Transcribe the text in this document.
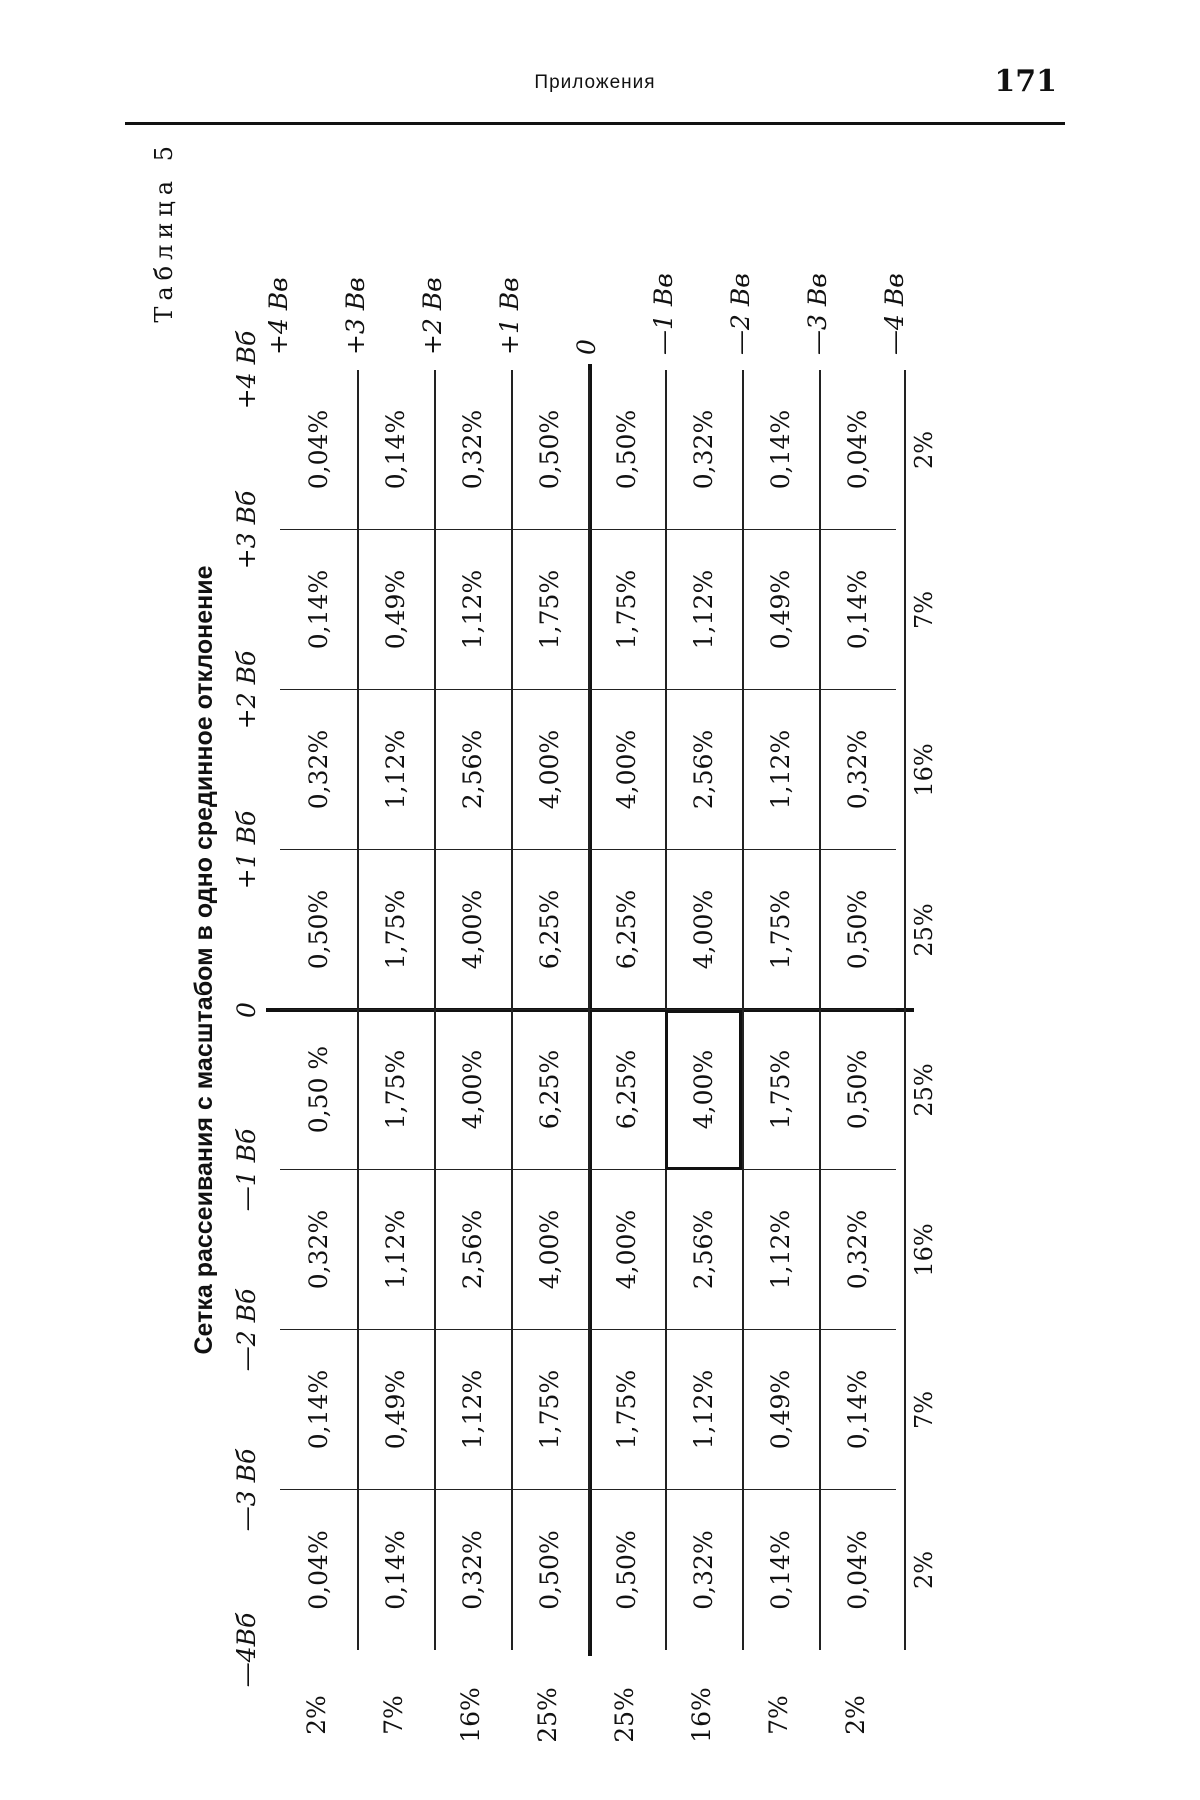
Приложения	171
Таблица 5
Сетка рассеивания с масштабом в одно срединное отклонение
—4Вб
—3 Вб
—2 Вб
—1 Вб
0
+1 Вб
+2 Вб
+3 Вб
+4 Вб
2% 7% 16% 25% 25% 16% 7% 2%
0,04%
0,14%
0,32%
0,50 %
0,50%
0,32%
0,14%
0,04%
0,14%
0,49%
1,12%
1,75%
1,75%
1,12%
0,49%
0,14%
0,32%
1,12%
2,56%
4,00%
4,00%
2,56%
1,12%
0,32%
0,50%
1,75%
4,00%
6,25%
6,25%
4,00%
1,75%
0,50%
0,50%
1,75%
4,00%
6,25%
6,25%
4,00%
1,75%
0,50%
0,32%
1,12%
2,56%
4,00%
4,00%
2,56%
1,12%
0,32%
0,14%
0,49%
1,12%
1,75%
1,75%
1,12%
0,49%
0,14%
0,04%
0,14%
0,32%
0,50%
0,50%
0,32%
0,14%
0,04%
+4 Вв +3 Вв +2 Вв +1 Вв 0 —1 Вв —2 Вв —3 Вв —4 Вв
2%
7%
16%
25%
25%
16%
7%
2%
